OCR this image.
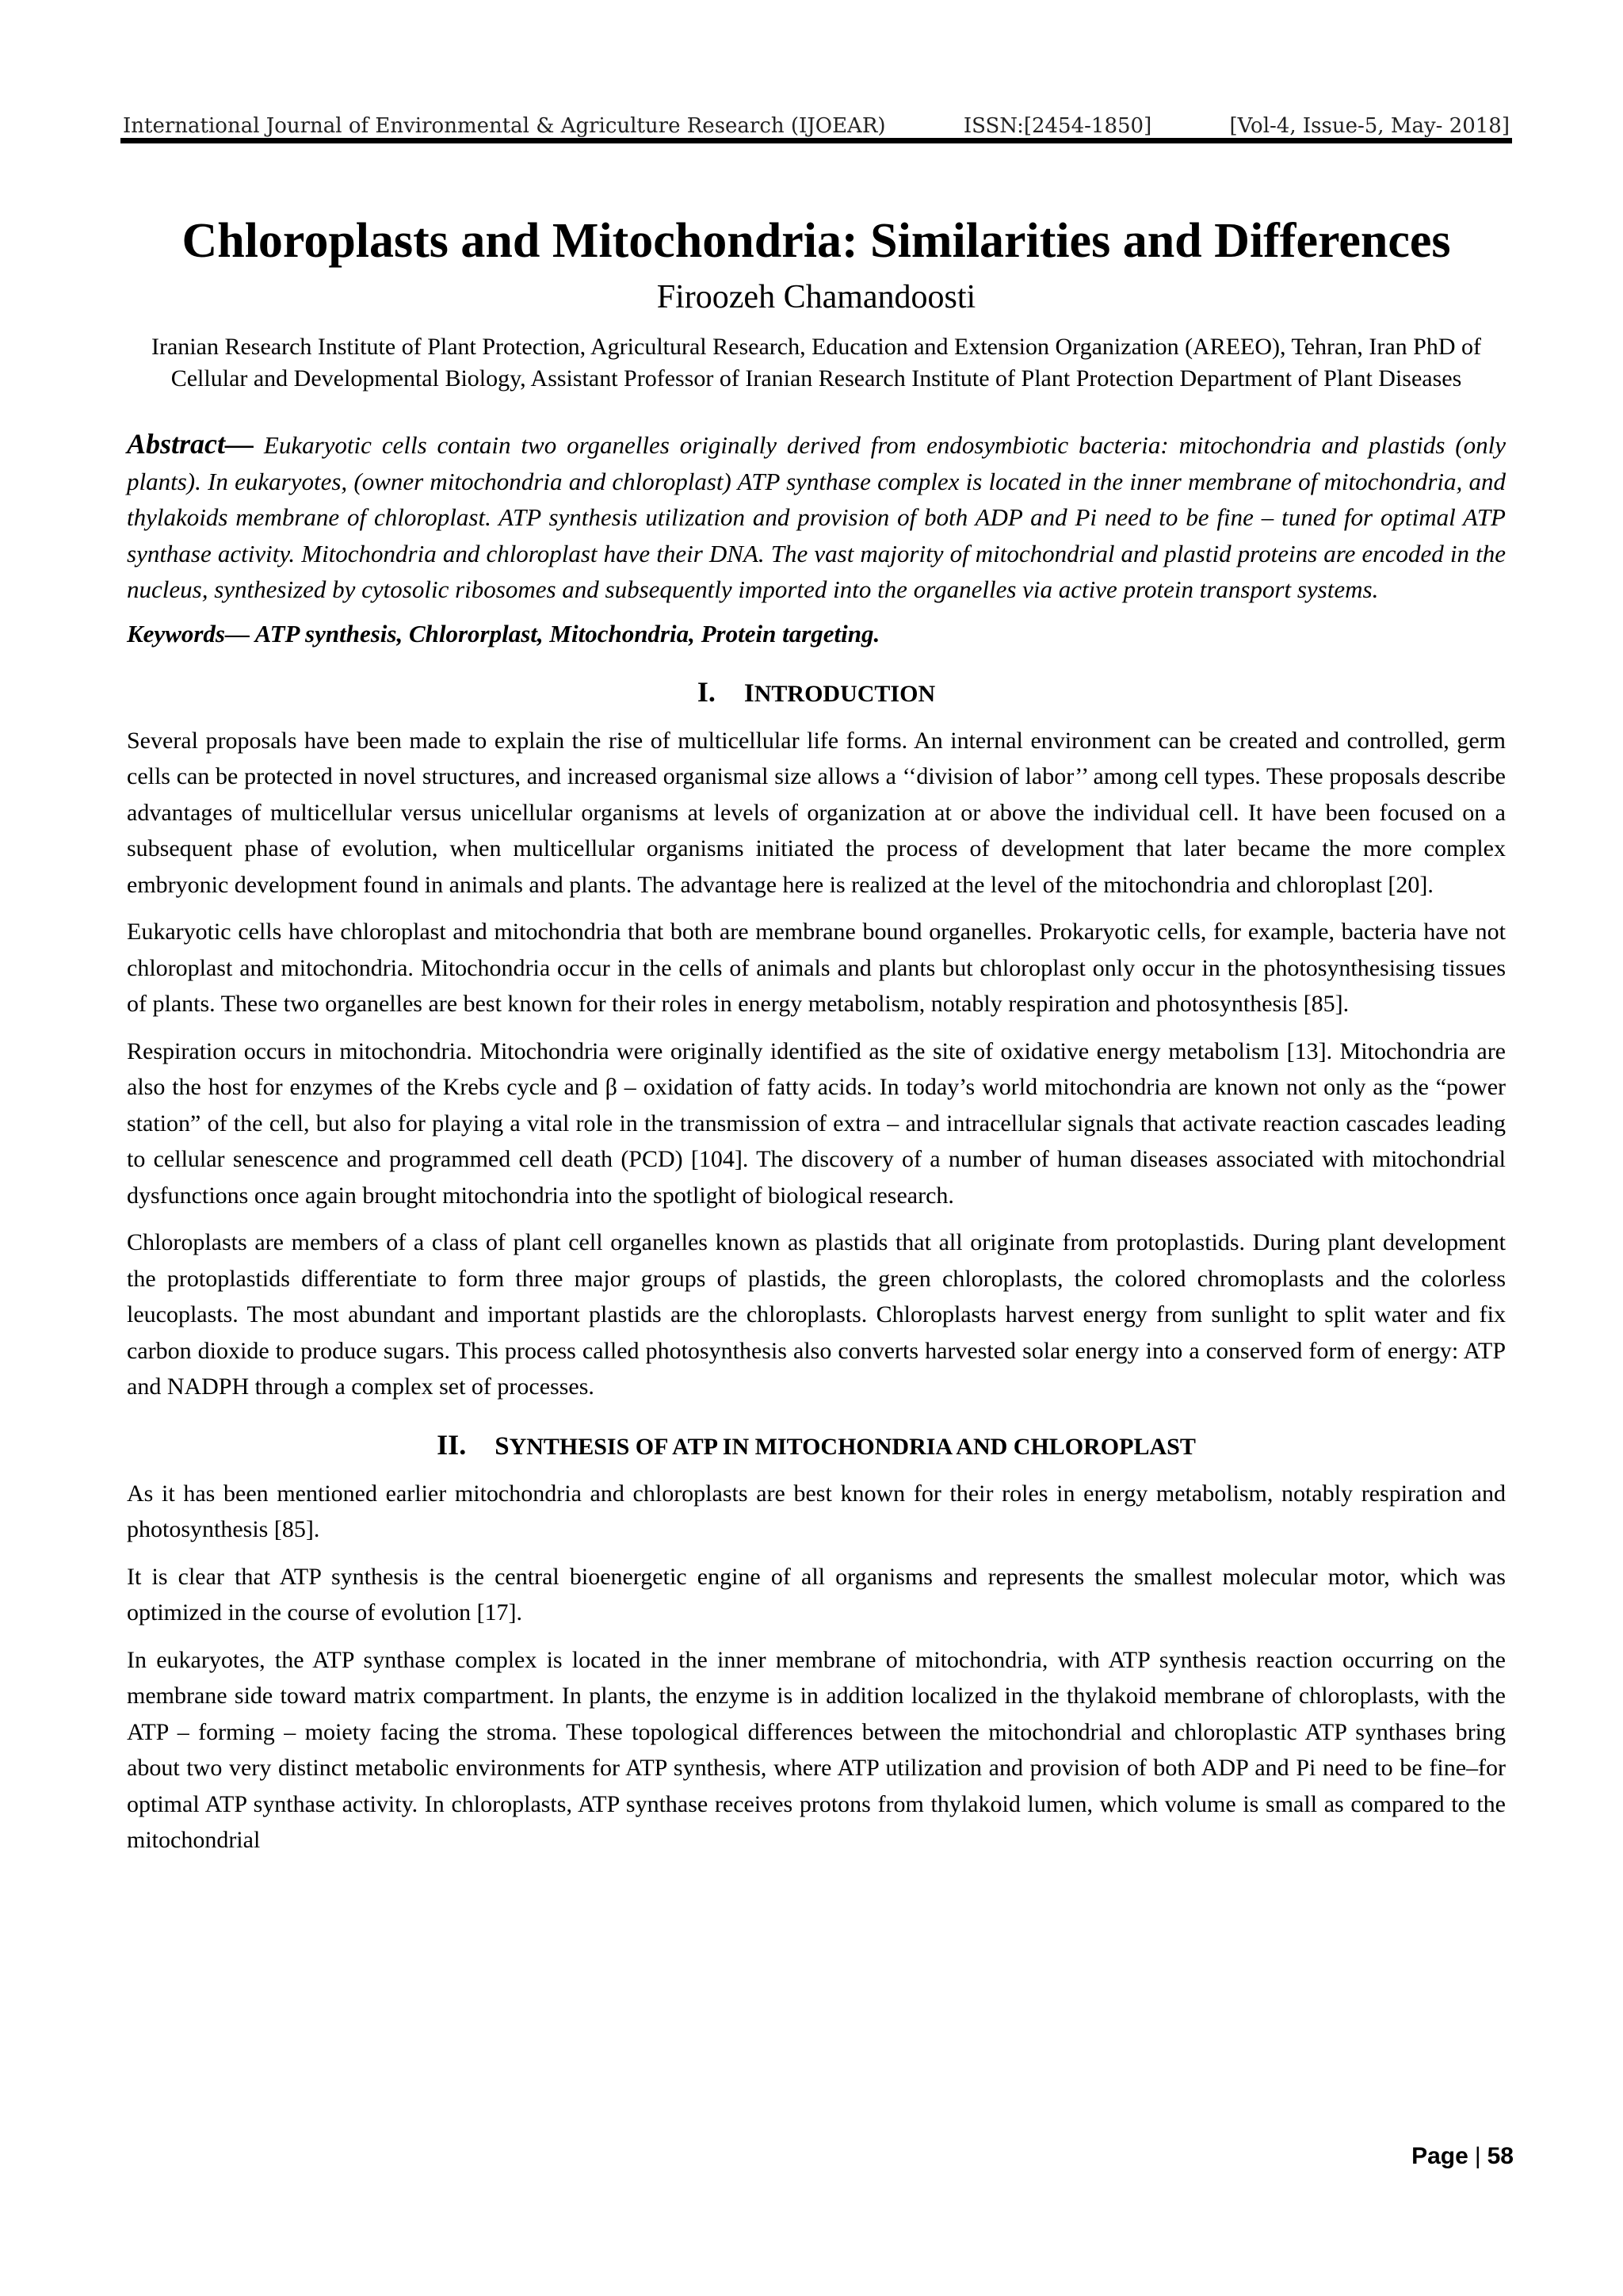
International Journal of Environmental & Agriculture Research (IJOEAR)	ISSN:[2454-1850]	[Vol-4, Issue-5, May- 2018]
Chloroplasts and Mitochondria: Similarities and Differences
Firoozeh Chamandoosti
Iranian Research Institute of Plant Protection, Agricultural Research, Education and Extension Organization (AREEO), Tehran, Iran PhD of Cellular and Developmental Biology, Assistant Professor of Iranian Research Institute of Plant Protection Department of Plant Diseases

Abstract— Eukaryotic cells contain two organelles originally derived from endosymbiotic bacteria: mitochondria and plastids (only plants). In eukaryotes, (owner mitochondria and chloroplast) ATP synthase complex is located in the inner membrane of mitochondria, and thylakoids membrane of chloroplast. ATP synthesis utilization and provision of both ADP and Pi need to be fine – tuned for optimal ATP synthase activity. Mitochondria and chloroplast have their DNA. The vast majority of mitochondrial and plastid proteins are encoded in the nucleus, synthesized by cytosolic ribosomes and subsequently imported into the organelles via active protein transport systems.

Keywords— ATP synthesis, Chlororplast, Mitochondria, Protein targeting.

I. INTRODUCTION

Several proposals have been made to explain the rise of multicellular life forms. An internal environment can be created and controlled, germ cells can be protected in novel structures, and increased organismal size allows a ‘‘division of labor’’ among cell types. These proposals describe advantages of multicellular versus unicellular organisms at levels of organization at or above the individual cell. It have been focused on a subsequent phase of evolution, when multicellular organisms initiated the process of development that later became the more complex embryonic development found in animals and plants. The advantage here is realized at the level of the mitochondria and chloroplast [20].

Eukaryotic cells have chloroplast and mitochondria that both are membrane bound organelles. Prokaryotic cells, for example, bacteria have not chloroplast and mitochondria. Mitochondria occur in the cells of animals and plants but chloroplast only occur in the photosynthesising tissues of plants. These two organelles are best known for their roles in energy metabolism, notably respiration and photosynthesis [85].

Respiration occurs in mitochondria. Mitochondria were originally identified as the site of oxidative energy metabolism [13]. Mitochondria are also the host for enzymes of the Krebs cycle and β – oxidation of fatty acids. In today’s world mitochondria are known not only as the “power station” of the cell, but also for playing a vital role in the transmission of extra – and intracellular signals that activate reaction cascades leading to cellular senescence and programmed cell death (PCD) [104]. The discovery of a number of human diseases associated with mitochondrial dysfunctions once again brought mitochondria into the spotlight of biological research.

Chloroplasts are members of a class of plant cell organelles known as plastids that all originate from protoplastids. During plant development the protoplastids differentiate to form three major groups of plastids, the green chloroplasts, the colored chromoplasts and the colorless leucoplasts. The most abundant and important plastids are the chloroplasts. Chloroplasts harvest energy from sunlight to split water and fix carbon dioxide to produce sugars. This process called photosynthesis also converts harvested solar energy into a conserved form of energy: ATP and NADPH through a complex set of processes.

II. SYNTHESIS OF ATP IN MITOCHONDRIA AND CHLOROPLAST

As it has been mentioned earlier mitochondria and chloroplasts are best known for their roles in energy metabolism, notably respiration and photosynthesis [85].

It is clear that ATP synthesis is the central bioenergetic engine of all organisms and represents the smallest molecular motor, which was optimized in the course of evolution [17].

In eukaryotes, the ATP synthase complex is located in the inner membrane of mitochondria, with ATP synthesis reaction occurring on the membrane side toward matrix compartment. In plants, the enzyme is in addition localized in the thylakoid membrane of chloroplasts, with the ATP – forming – moiety facing the stroma. These topological differences between the mitochondrial and chloroplastic ATP synthases bring about two very distinct metabolic environments for ATP synthesis, where ATP utilization and provision of both ADP and Pi need to be fine–for optimal ATP synthase activity. In chloroplasts, ATP synthase receives protons from thylakoid lumen, which volume is small as compared to the mitochondrial

Page | 58
